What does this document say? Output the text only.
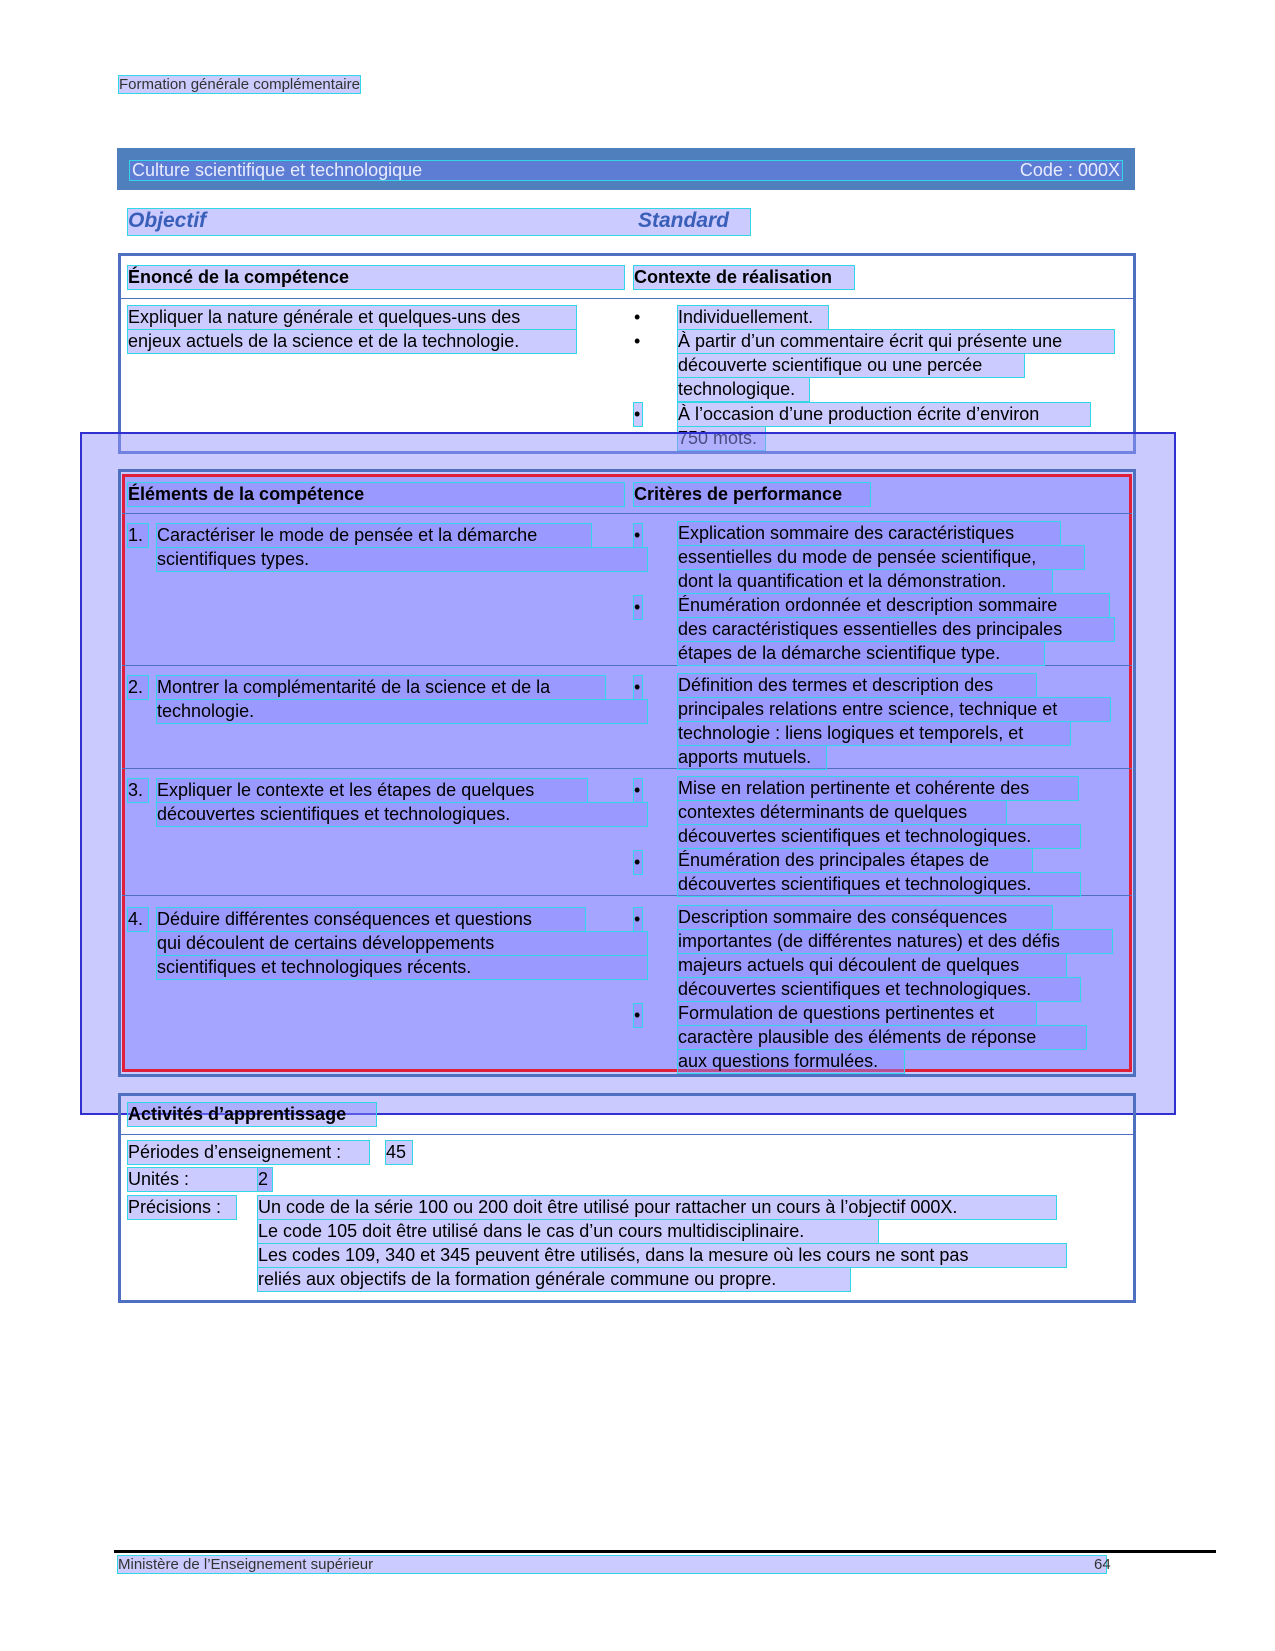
Formation générale complémentaire
Culture scientifique et technologique	Code : 000X
Objectif	Standard
Énoncé de la compétence	Contexte de réalisation
Expliquer la nature générale et quelques-uns des
enjeux actuels de la science et de la technologie.
• Individuellement.
• À partir d’un commentaire écrit qui présente une
découverte scientifique ou une percée
technologique.
• À l’occasion d’une production écrite d’environ
Éléments de la compétence	Critères de performance
1. Caractériser le mode de pensée et la démarche
scientifiques types.
• Explication sommaire des caractéristiques
essentielles du mode de pensée scientifique,
dont la quantification et la démonstration.
• Énumération ordonnée et description sommaire
des caractéristiques essentielles des principales
étapes de la démarche scientifique type.
2. Montrer la complémentarité de la science et de la
technologie.
• Définition des termes et description des
principales relations entre science, technique et
technologie : liens logiques et temporels, et
apports mutuels.
3. Expliquer le contexte et les étapes de quelques
découvertes scientifiques et technologiques.
• Mise en relation pertinente et cohérente des
contextes déterminants de quelques
découvertes scientifiques et technologiques.
• Énumération des principales étapes de
découvertes scientifiques et technologiques.
4. Déduire différentes conséquences et questions
qui découlent de certains développements
scientifiques et technologiques récents.
• Description sommaire des conséquences
importantes (de différentes natures) et des défis
majeurs actuels qui découlent de quelques
découvertes scientifiques et technologiques.
• Formulation de questions pertinentes et
caractère plausible des éléments de réponse
aux questions formulées.
Activités d’apprentissage
Périodes d’enseignement :	45
Unités :	2
Précisions :	Un code de la série 100 ou 200 doit être utilisé pour rattacher un cours à l’objectif 000X.
Le code 105 doit être utilisé dans le cas d’un cours multidisciplinaire.
Les codes 109, 340 et 345 peuvent être utilisés, dans la mesure où les cours ne sont pas
reliés aux objectifs de la formation générale commune ou propre.
Ministère de l’Enseignement supérieur	64
